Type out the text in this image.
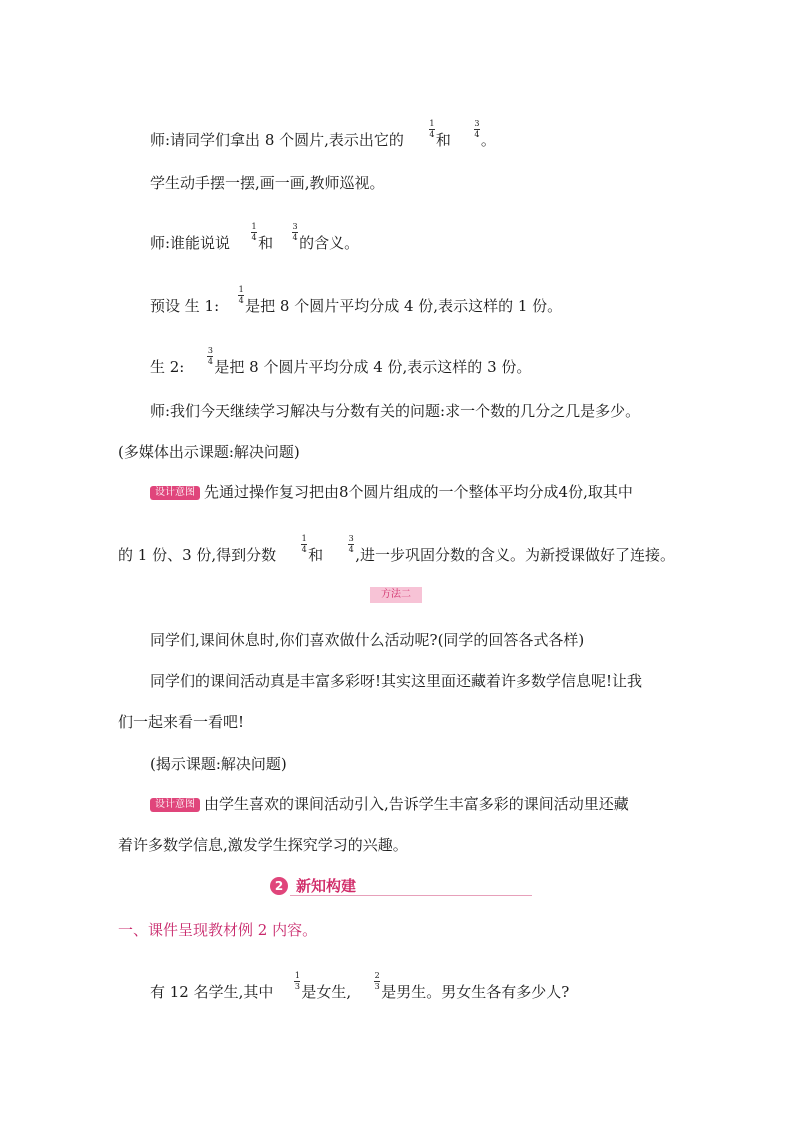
师:请同学们拿出 8 个圆片,表示出它的
$\frac{1}{4}$
和
$\frac{3}{4}$
。
学生动手摆一摆,画一画,教师巡视。
师:谁能说说
$\frac{1}{4}$
和
$\frac{3}{4}$
的含义。
预设 生 1:
$\frac{1}{4}$
是把 8 个圆片平均分成 4 份,表示这样的 1 份。
生 2:
$\frac{3}{4}$
是把 8 个圆片平均分成 4 份,表示这样的 3 份。
师:我们今天继续学习解决与分数有关的问题:求一个数的几分之几是多少。
(多媒体出示课题:解决问题)
设计意图 先通过操作复习把由8个圆片组成的一个整体平均分成4份,取其中
的 1 份、3 份,得到分数
$\frac{1}{4}$
和
$\frac{3}{4}$
,进一步巩固分数的含义。为新授课做好了连接。
方法二
同学们,课间休息时,你们喜欢做什么活动呢?(同学的回答各式各样)
同学们的课间活动真是丰富多彩呀!其实这里面还藏着许多数学信息呢!让我
们一起来看一看吧!
(揭示课题:解决问题)
设计意图 由学生喜欢的课间活动引入,告诉学生丰富多彩的课间活动里还藏
着许多数学信息,激发学生探究学习的兴趣。
2 新知构建
一、课件呈现教材例 2 内容。
有 12 名学生,其中
$\frac{1}{3}$
是女生,
$\frac{2}{3}$
是男生。男女生各有多少人?
